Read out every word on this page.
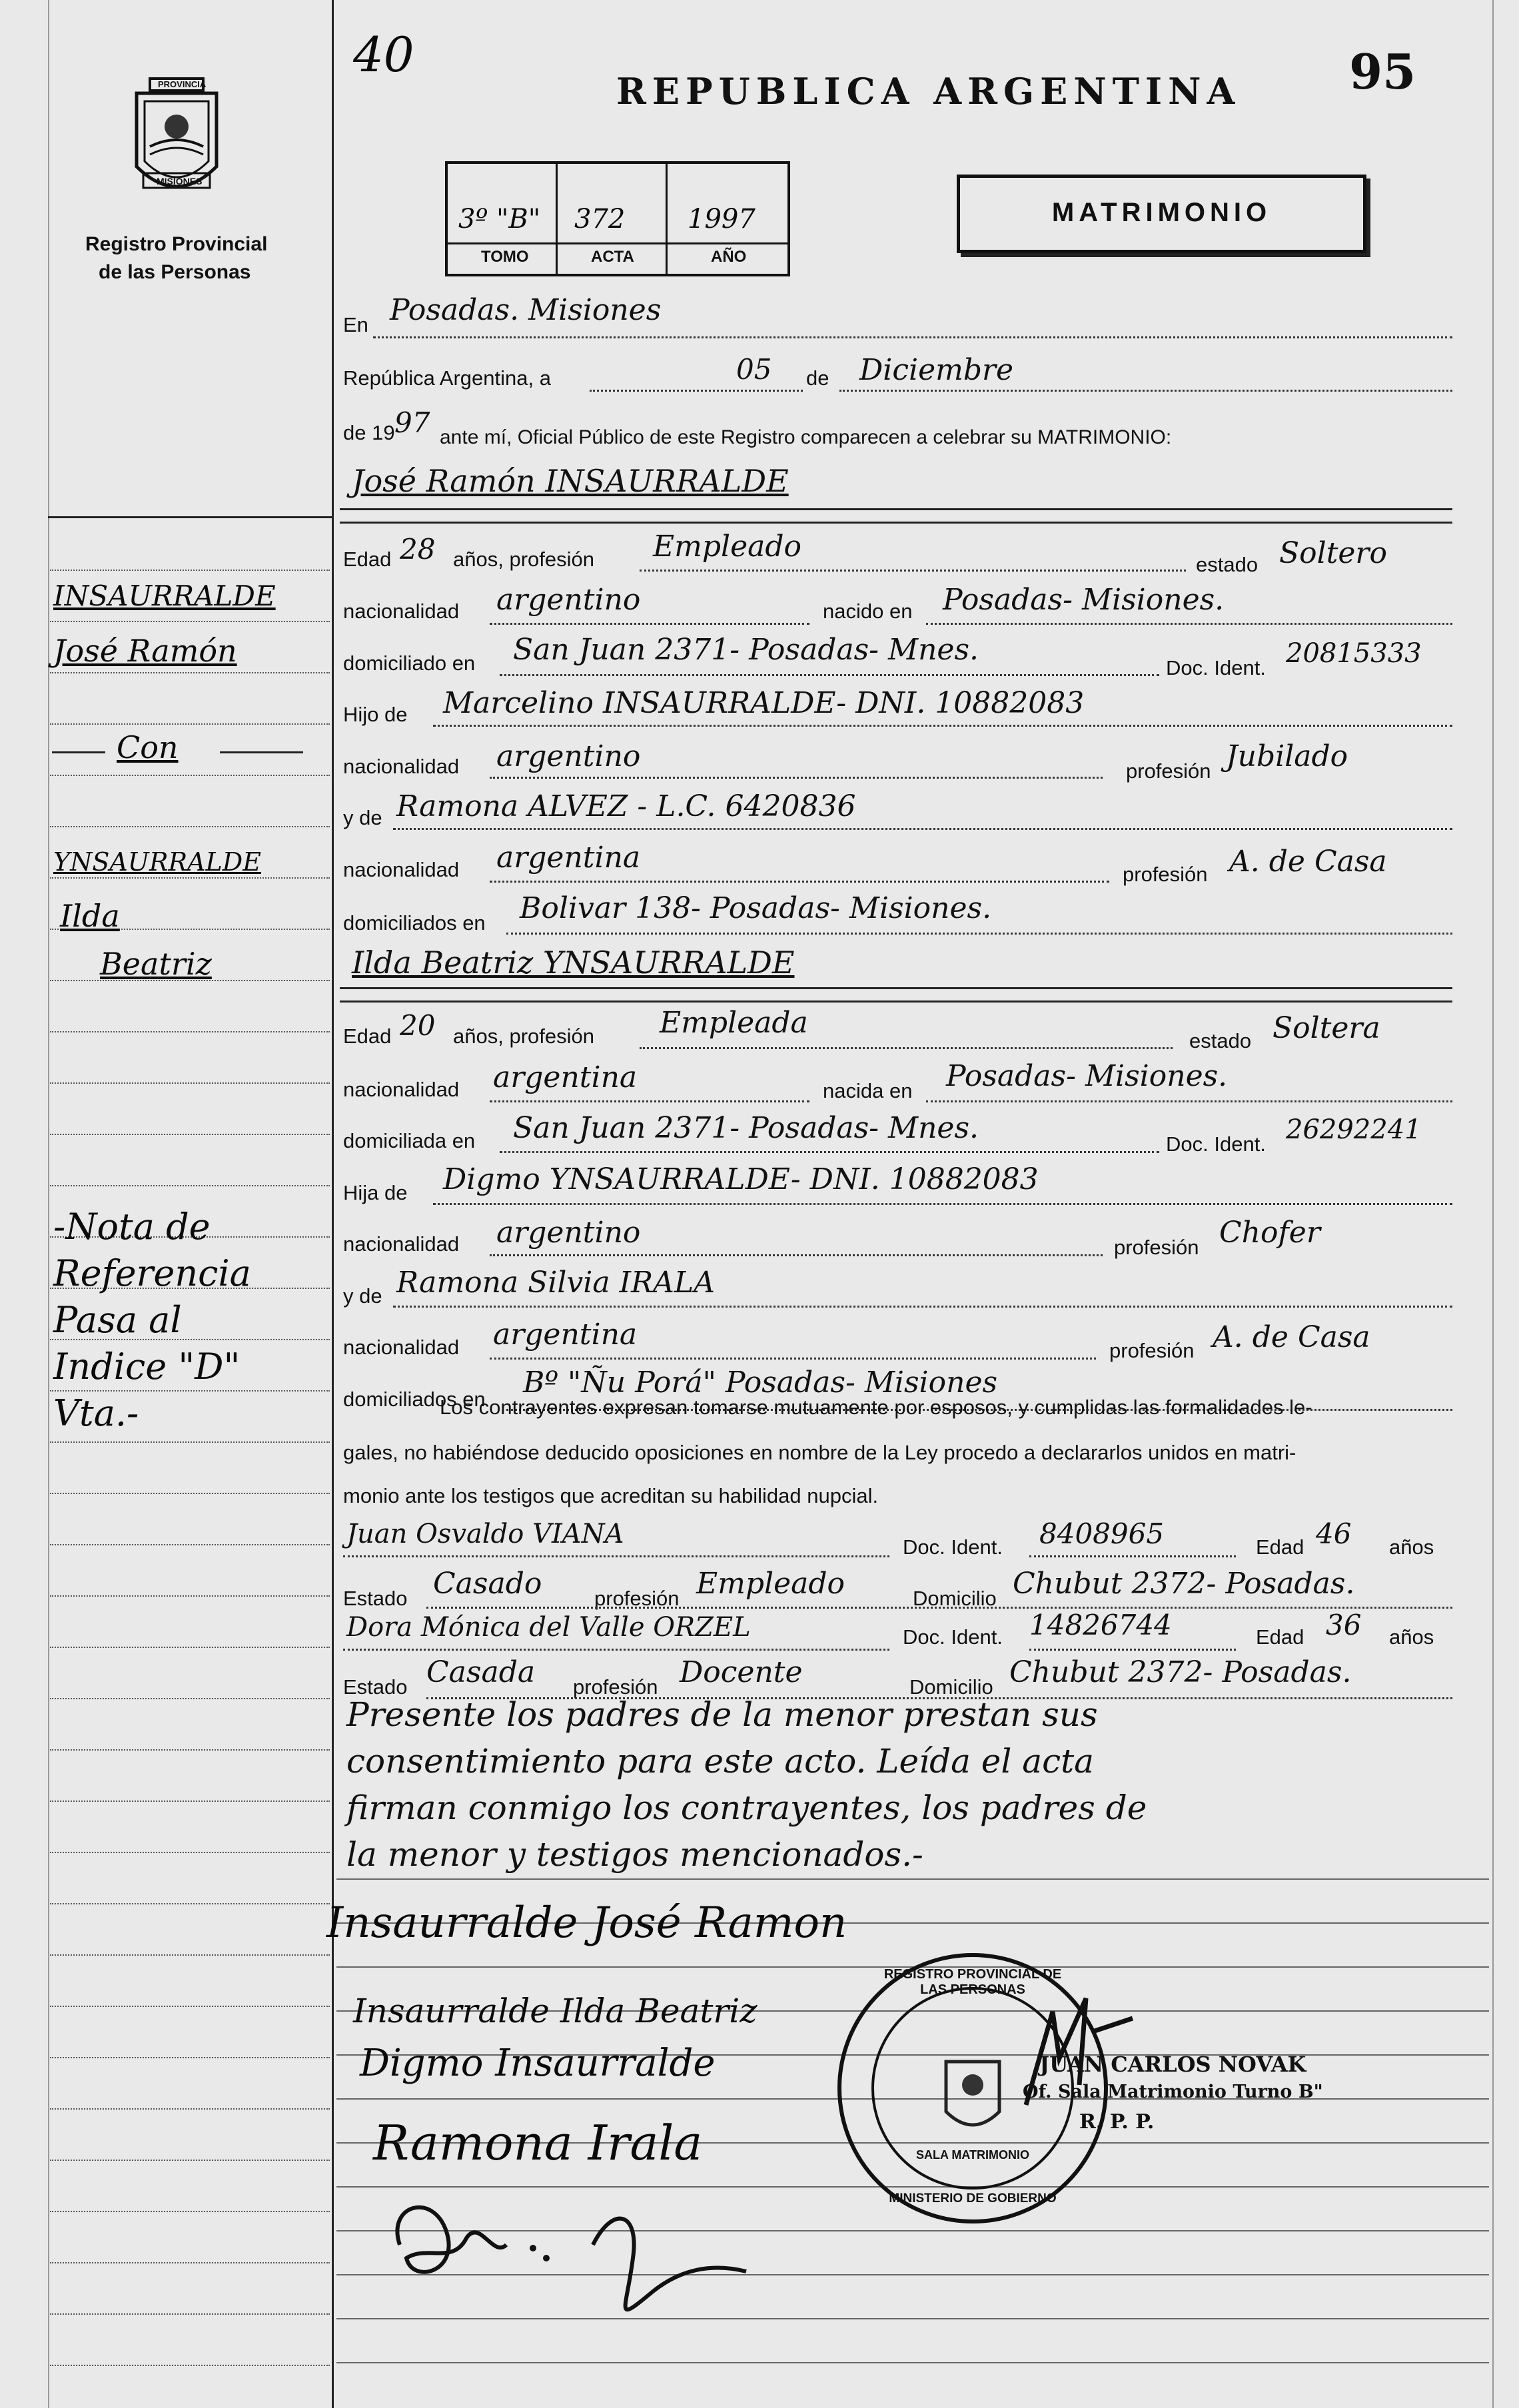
40
PROVINCIA
MISIONES
Registro Provincial
de las Personas
REPUBLICA ARGENTINA 95
3º "B" 372 1997
TOMO	ACTA	AÑO
MATRIMONIO
INSAURRALDE
José Ramón
Con
YNSAURRALDE
Ilda
Beatriz
-Nota de
Referencia
Pasa al
Indice "D"
Vta.-
En Posadas. Misiones
República Argentina, a	05 de Diciembre
de 19 97 ante mí, Oficial Público de este Registro comparecen a celebrar su MATRIMONIO:
José Ramón INSAURRALDE
Edad 28 años, profesión Empleado
estado Soltero
nacionalidad argentino	nacido en Posadas- Misiones.
domiciliado en San Juan 2371- Posadas- Mnes.
Doc. Ident. 20815333
Hijo de Marcelino INSAURRALDE- DNI. 10882083
nacionalidad argentino	profesión Jubilado
y de Ramona ALVEZ - L.C. 6420836
nacionalidad argentina	profesión A. de Casa
domiciliados en Bolivar 138- Posadas- Misiones.
Ilda Beatriz YNSAURRALDE
Edad 20 años, profesión Empleada
estado Soltera
nacionalidad argentina	nacida en Posadas- Misiones.
domiciliada en San Juan 2371- Posadas- Mnes.	Doc. Ident. 26292241
Hija de Digmo YNSAURRALDE- DNI. 10882083
nacionalidad argentino	profesión Chofer
y de Ramona Silvia IRALA
nacionalidad argentina	profesión A. de Casa
domiciliados en Bº "Ñu Porá" Posadas- Misiones
Los contrayentes expresan tomarse mutuamente por esposos, y cumplidas las formalidades le-
gales, no habiéndose deducido oposiciones en nombre de la Ley procedo a declararlos unidos en matri-
monio ante los testigos que acreditan su habilidad nupcial.
Juan Osvaldo VIANA	Doc. Ident. 8408965	Edad 46 años
Estado Casado	profesión Empleado	Domicilio Chubut 2372- Posadas.
Dora Mónica del Valle ORZEL	Doc. Ident. 14826744	Edad 36 años
Estado Casada profesión Docente	Domicilio Chubut 2372- Posadas.
Presente los padres de la menor prestan sus
consentimiento para este acto. Leída el acta
firman conmigo los contrayentes, los padres de
la menor y testigos mencionados.-
Insaurralde José Ramon
Insaurralde Ilda Beatriz
Digmo Insaurralde
Ramona Irala
REGISTRO PROVINCIAL DE LAS PERSONAS
SALA MATRIMONIO
MINISTERIO DE GOBIERNO
JUAN CARLOS NOVAK
Of. Sala Matrimonio Turno B"
R. P. P.
